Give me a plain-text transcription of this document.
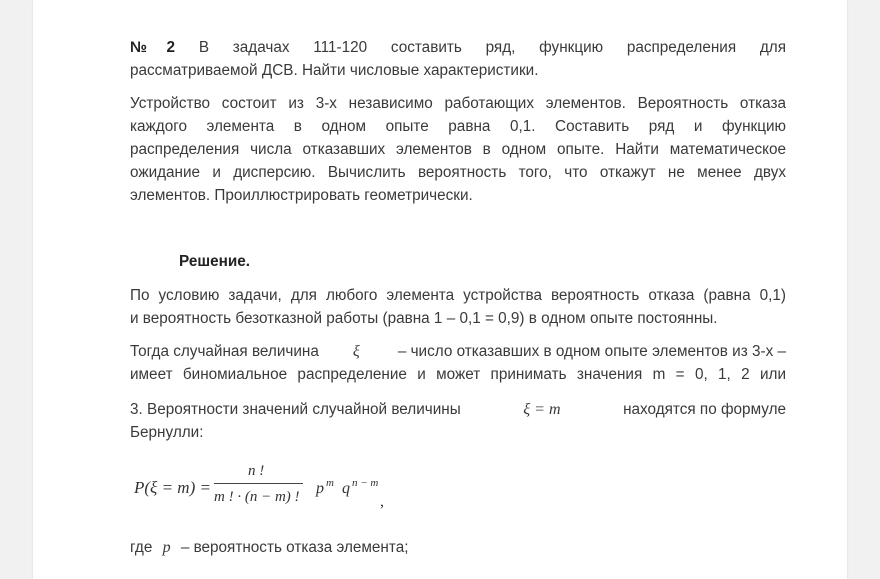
№2 В задачах 111-120 составить ряд, функцию распределения для
рассматриваемой ДСВ. Найти числовые характеристики.
Устройство состоит из 3-х независимо работающих элементов. Вероятность отказа
каждого элемента в одном опыте равна 0,1. Составить ряд и функцию
распределения числа отказавших элементов в одном опыте. Найти математическое
ожидание и дисперсию. Вычислить вероятность того, что откажут не менее двух
элементов. Проиллюстрировать геометрически.
Решение.
По условию задачи, для любого элемента устройства вероятность отказа (равна 0,1)
и вероятность безотказной работы (равна 1 – 0,1 = 0,9) в одном опыте постоянны.
Тогда случайная величина ξ – число отказавших в одном опыте элементов из 3-х –
имеет биномиальное распределение и может принимать значения m = 0, 1, 2 или
3. Вероятности значений случайной величины	ξ = m	находятся по формуле
Бернулли:
P(ξ = m) =
n !
m ! · (n − m) ! p m q n − m
,
где p – вероятность отказа элемента;
